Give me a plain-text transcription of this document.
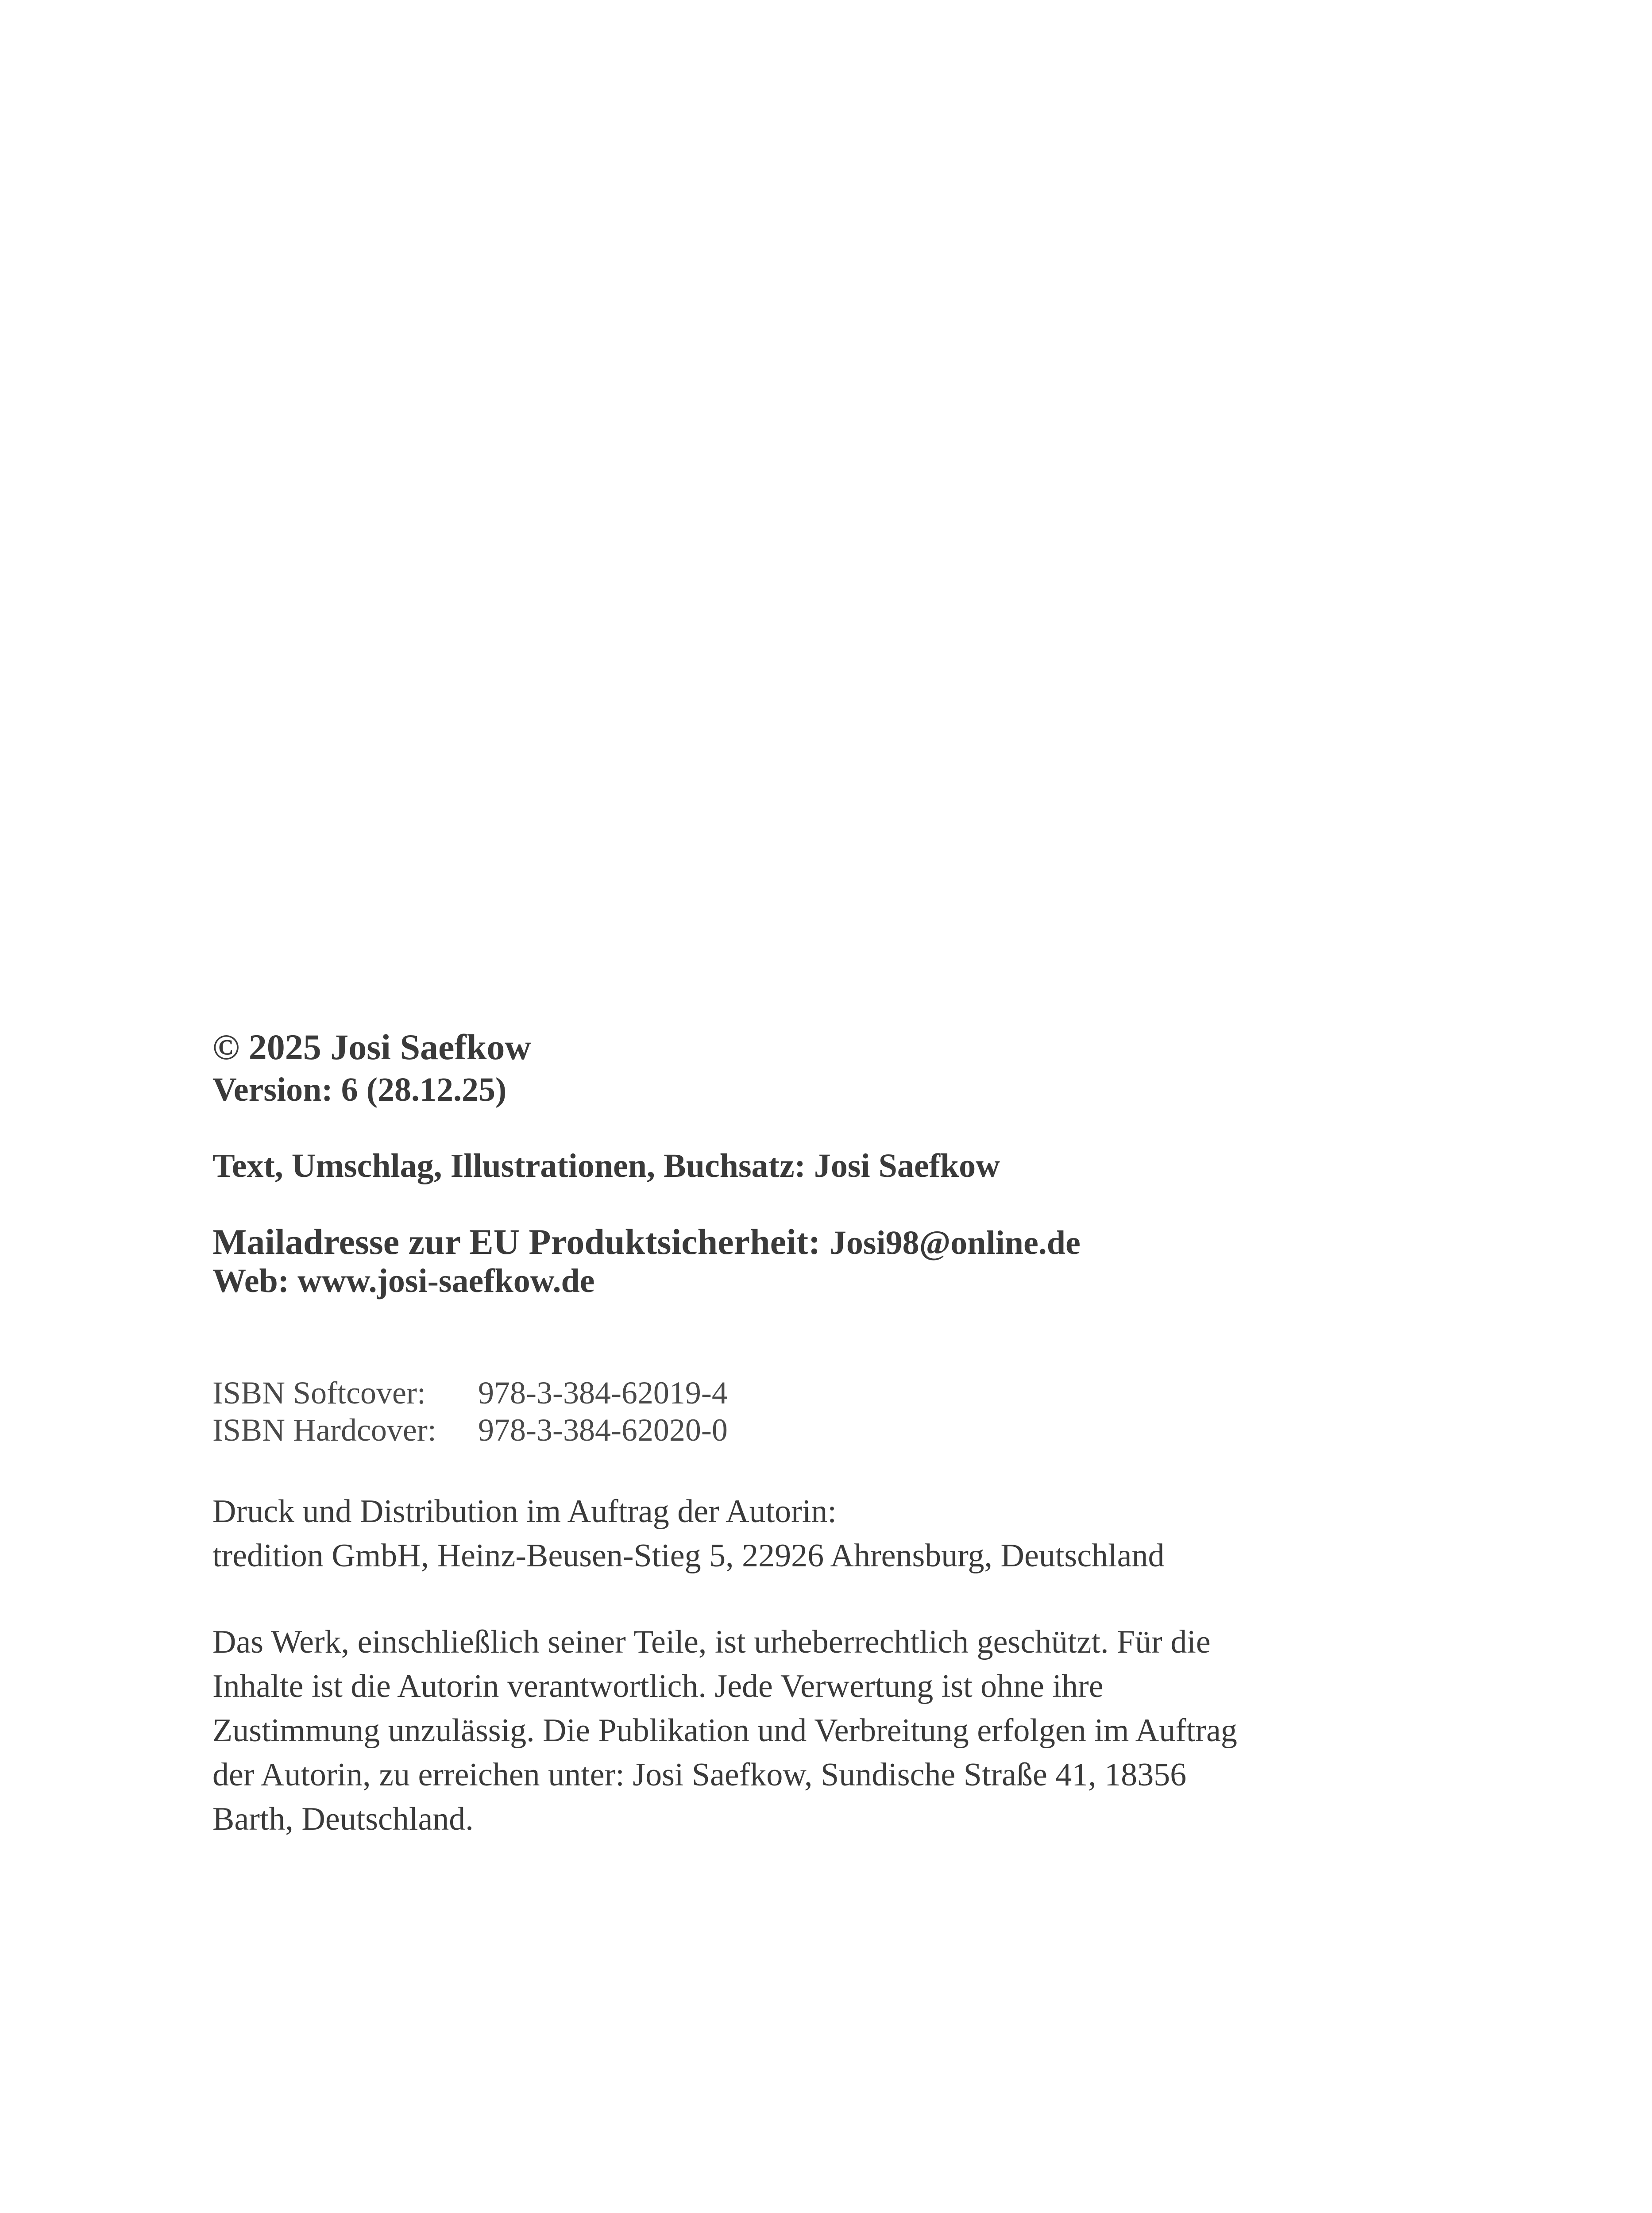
© 2025 Josi Saefkow
Version: 6 (28.12.25)
Text, Umschlag, Illustrationen, Buchsatz: Josi Saefkow
Mailadresse zur EU Produktsicherheit: Josi98@online.de
Web: www.josi-saefkow.de
ISBN Softcover: 978-3-384-62019-4
ISBN Hardcover: 978-3-384-62020-0
Druck und Distribution im Auftrag der Autorin:
tredition GmbH, Heinz-Beusen-Stieg 5, 22926 Ahrensburg, Deutschland
Das Werk, einschließlich seiner Teile, ist urheberrechtlich geschützt. Für die
Inhalte ist die Autorin verantwortlich. Jede Verwertung ist ohne ihre
Zustimmung unzulässig. Die Publikation und Verbreitung erfolgen im Auftrag
der Autorin, zu erreichen unter: Josi Saefkow, Sundische Straße 41, 18356
Barth, Deutschland.
